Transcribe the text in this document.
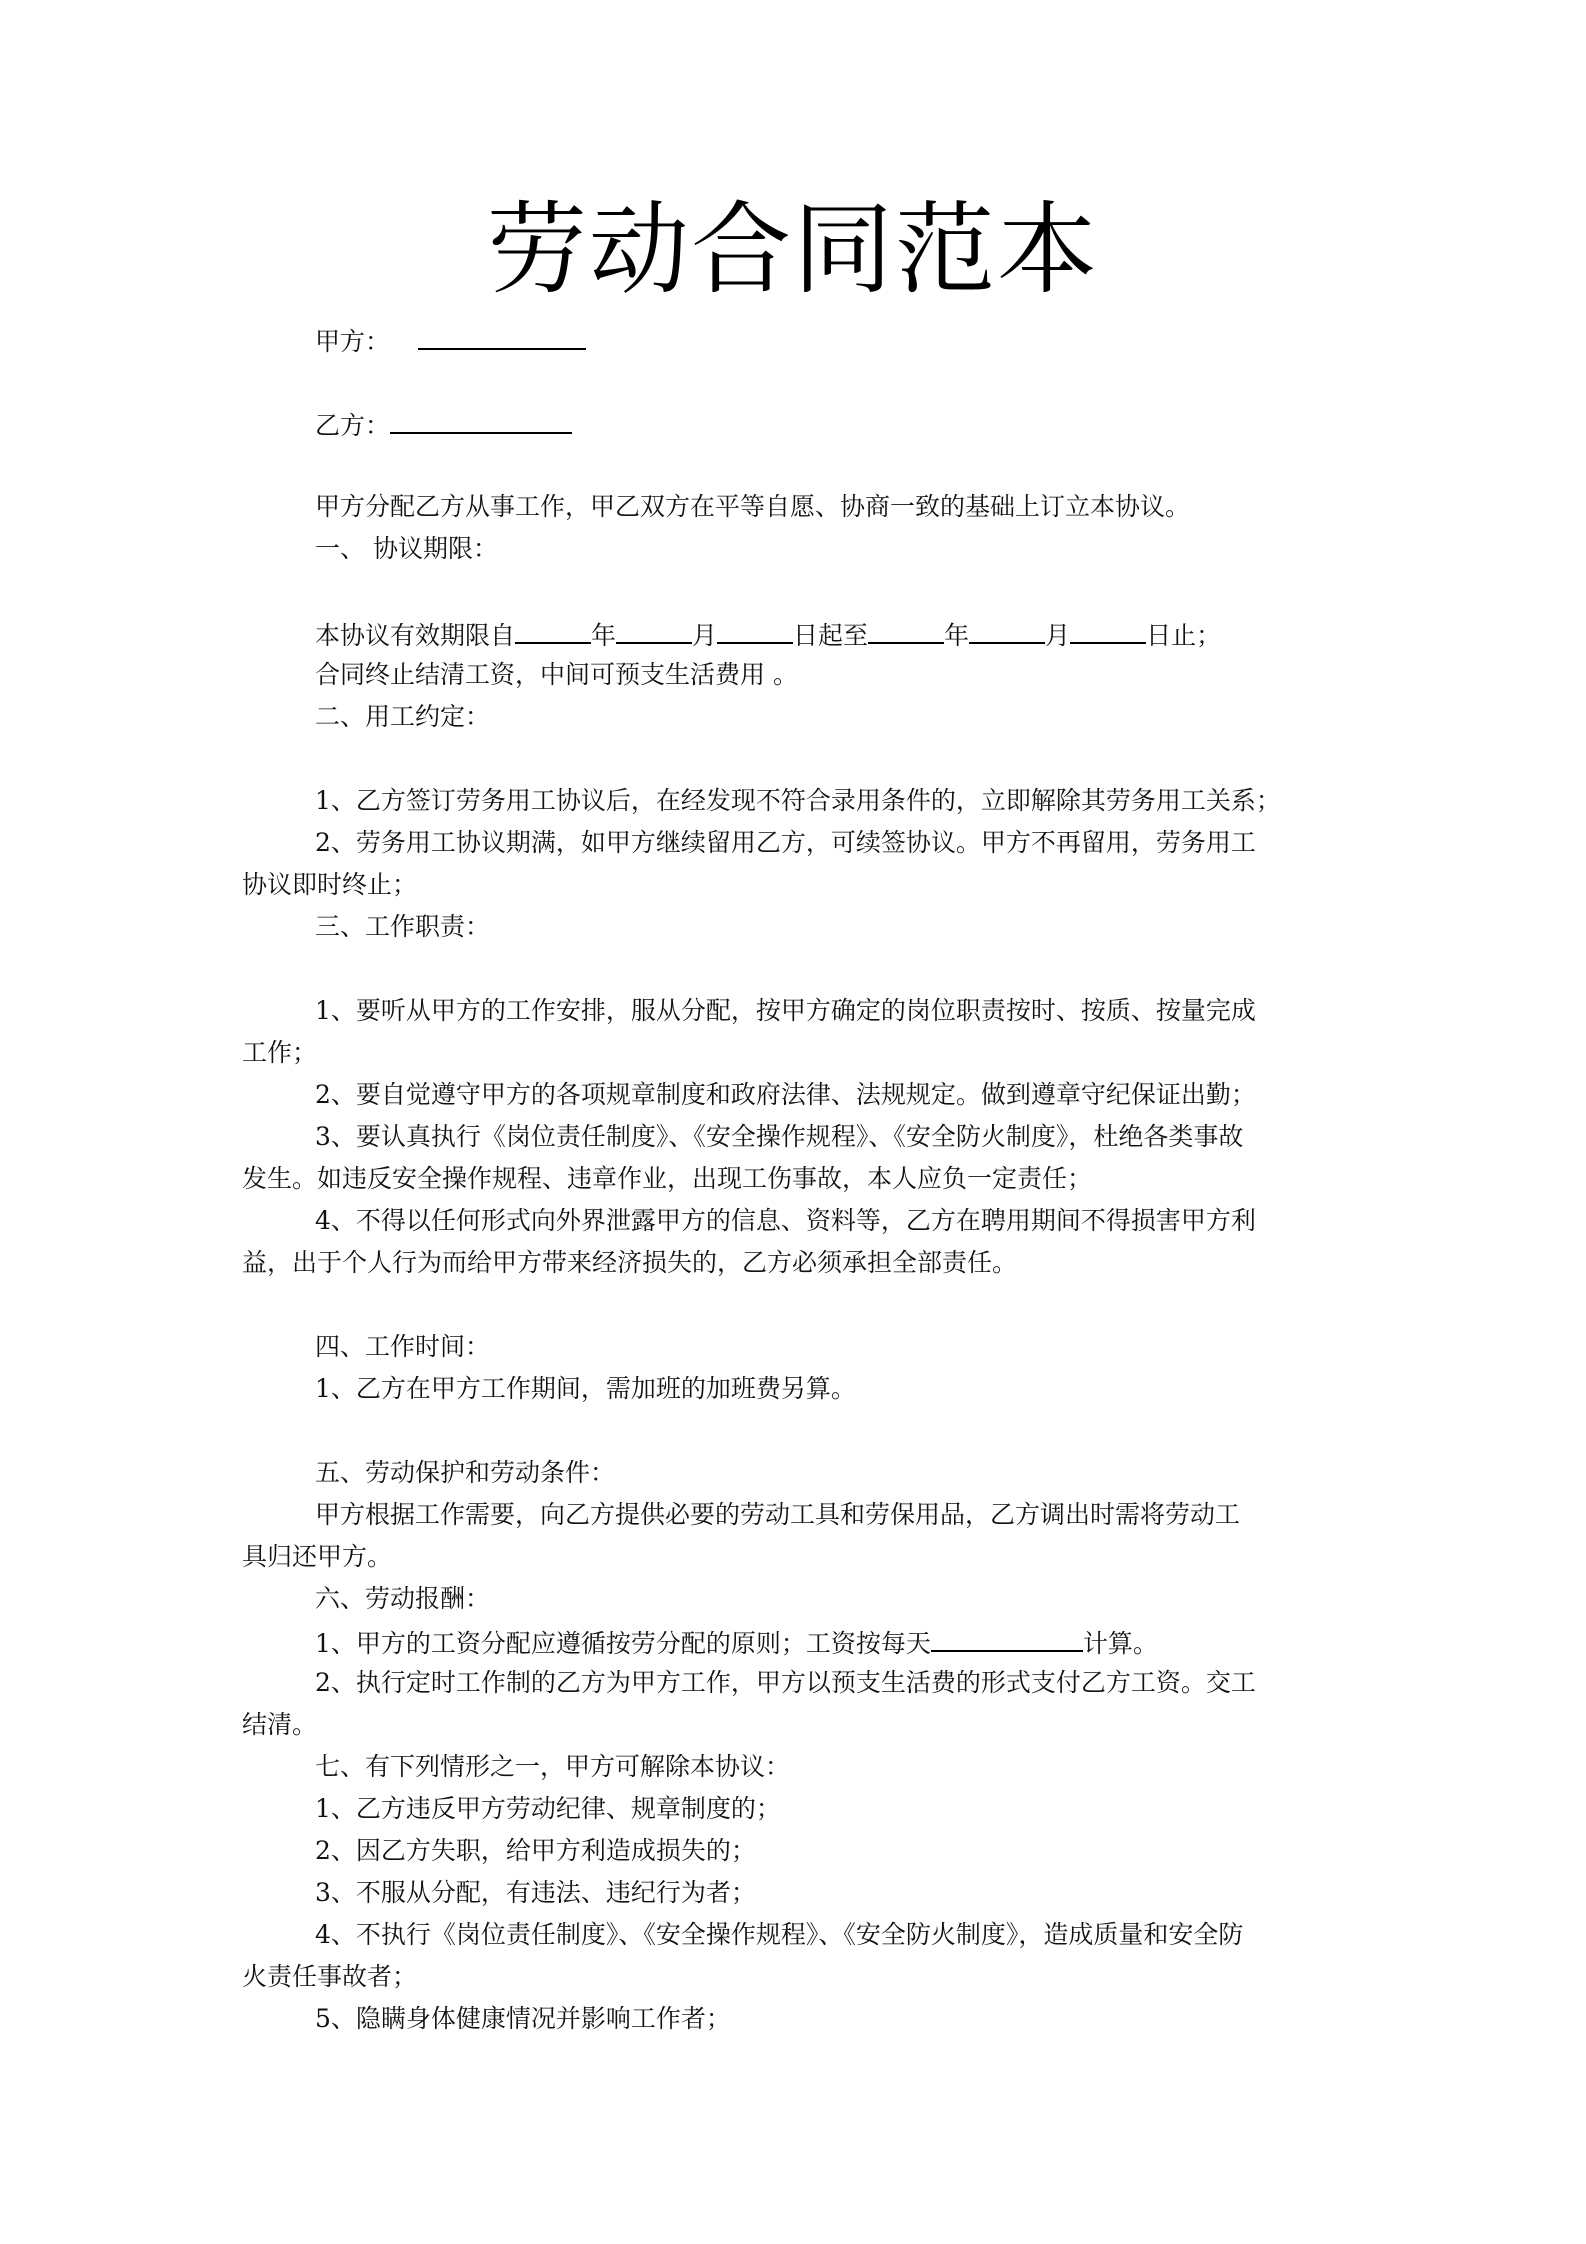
劳动合同范本
甲方：
乙方：
甲方分配乙方从事工作，甲乙双方在平等自愿、协商一致的基础上订立本协议。
一、 协议期限：
本协议有效期限自	年	月	日起至	年	月	日止；
合同终止结清工资，中间可预支生活费用 。
二、用工约定：
1、乙方签订劳务用工协议后，在经发现不符合录用条件的，立即解除其劳务用工关系；
2、劳务用工协议期满，如甲方继续留用乙方，可续签协议。甲方不再留用，劳务用工
协议即时终止；
三、工作职责：
1、要听从甲方的工作安排，服从分配，按甲方确定的岗位职责按时、按质、按量完成
工作；
2、要自觉遵守甲方的各项规章制度和政府法律、法规规定。做到遵章守纪保证出勤；
3、要认真执行《岗位责任制度》、《安全操作规程》、《安全防火制度》，杜绝各类事故
发生。如违反安全操作规程、违章作业，出现工伤事故，本人应负一定责任；
4、不得以任何形式向外界泄露甲方的信息、资料等，乙方在聘用期间不得损害甲方利
益，出于个人行为而给甲方带来经济损失的，乙方必须承担全部责任。
四、工作时间：
1、乙方在甲方工作期间，需加班的加班费另算。
五、劳动保护和劳动条件：
甲方根据工作需要，向乙方提供必要的劳动工具和劳保用品，乙方调出时需将劳动工
具归还甲方。
六、劳动报酬：
1、甲方的工资分配应遵循按劳分配的原则；工资按每天	计算。
2、执行定时工作制的乙方为甲方工作，甲方以预支生活费的形式支付乙方工资。交工
结清。
七、有下列情形之一，甲方可解除本协议：
1、乙方违反甲方劳动纪律、规章制度的；
2、因乙方失职，给甲方利造成损失的；
3、不服从分配，有违法、违纪行为者；
4、不执行《岗位责任制度》、《安全操作规程》、《安全防火制度》，造成质量和安全防
火责任事故者；
5、隐瞒身体健康情况并影响工作者；
